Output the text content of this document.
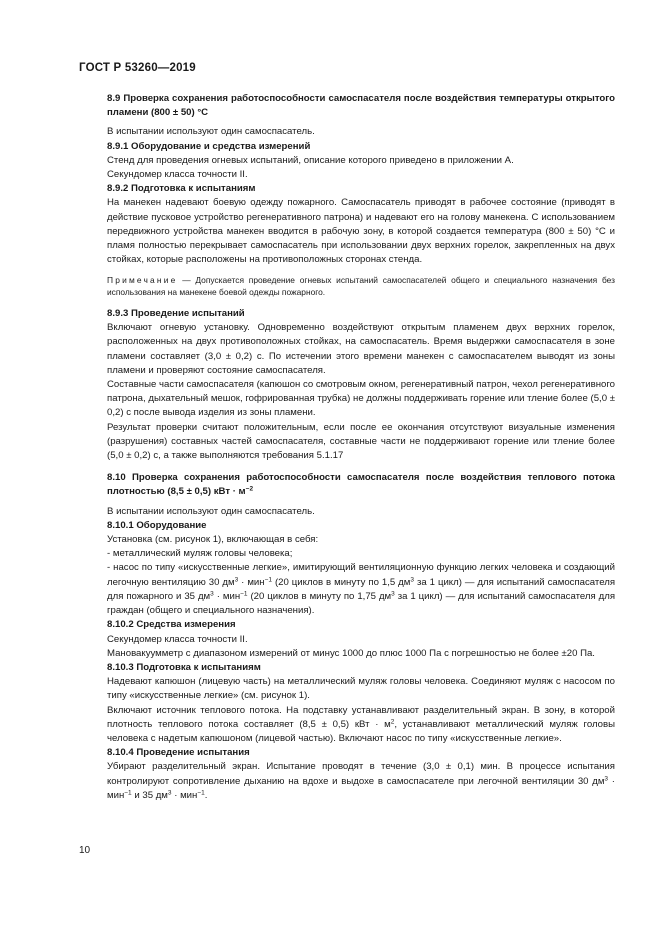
ГОСТ Р 53260—2019

8.9 Проверка сохранения работоспособности самоспасателя после воздействия температуры открытого пламени (800 ± 50) °С

В испытании используют один самоспасатель.

8.9.1 Оборудование и средства измерений

Стенд для проведения огневых испытаний, описание которого приведено в приложении А.

Секундомер класса точности II.

8.9.2 Подготовка к испытаниям

На манекен надевают боевую одежду пожарного. Самоспасатель приводят в рабочее состояние (приводят в действие пусковое устройство регенеративного патрона) и надевают его на голову манекена. С использованием передвижного устройства манекен вводится в рабочую зону, в которой создается температура (800 ± 50) °С и пламя полностью перекрывает самоспасатель при использовании двух верхних горелок, закрепленных на двух стойках, которые расположены на противоположных сторонах стенда.

Примечание — Допускается проведение огневых испытаний самоспасателей общего и специального назначения без использования на манекене боевой одежды пожарного.

8.9.3 Проведение испытаний

Включают огневую установку. Одновременно воздействуют открытым пламенем двух верхних горелок, расположенных на двух противоположных стойках, на самоспасатель. Время выдержки самоспасателя в зоне пламени составляет (3,0 ± 0,2) с. По истечении этого времени манекен с самоспасателем выводят из зоны пламени и проверяют состояние самоспасателя.

Составные части самоспасателя (капюшон со смотровым окном, регенеративный патрон, чехол регенеративного патрона, дыхательный мешок, гофрированная трубка) не должны поддерживать горение или тление более (5,0 ± 0,2) с после вывода изделия из зоны пламени.

Результат проверки считают положительным, если после ее окончания отсутствуют визуальные изменения (разрушения) составных частей самоспасателя, составные части не поддерживают горение или тление более (5,0 ± 0,2) с, а также выполняются требования 5.1.17

8.10 Проверка сохранения работоспособности самоспасателя после воздействия теплового потока плотностью (8,5 ± 0,5) кВт · $м^{-2}$

В испытании используют один самоспасатель.

8.10.1 Оборудование

Установка (см. рисунок 1), включающая в себя:

- металлический муляж головы человека;

- насос по типу «искусственные легкие», имитирующий вентиляционную функцию легких человека и создающий легочную вентиляцию 30 $дм^3 \cdot мин^{-1}$ (20 циклов в минуту по 1,5 $дм^3$ за 1 цикл) — для испытаний самоспасателя для пожарного и 35 $дм^3 \cdot мин^{-1}$ (20 циклов в минуту по 1,75 $дм^3$ за 1 цикл) — для испытаний самоспасателя для граждан (общего и специального назначения).

8.10.2 Средства измерения

Секундомер класса точности II.

Мановакуумметр с диапазоном измерений от минус 1000 до плюс 1000 Па с погрешностью не более ±20 Па.

8.10.3 Подготовка к испытаниям

Надевают капюшон (лицевую часть) на металлический муляж головы человека. Соединяют муляж с насосом по типу «искусственные легкие» (см. рисунок 1).

Включают источник теплового потока. На подставку устанавливают разделительный экран. В зону, в которой плотность теплового потока составляет (8,5 ± 0,5) кВт · $м^2$, устанавливают металлический муляж головы человека с надетым капюшоном (лицевой частью). Включают насос по типу «искусственные легкие».

8.10.4 Проведение испытания

Убирают разделительный экран. Испытание проводят в течение (3,0 ± 0,1) мин. В процессе испытания контролируют сопротивление дыханию на вдохе и выдохе в самоспасателе при легочной вентиляции 30 $дм^3 \cdot мин^{-1}$ и 35 $дм^3 \cdot мин^{-1}$.

10
